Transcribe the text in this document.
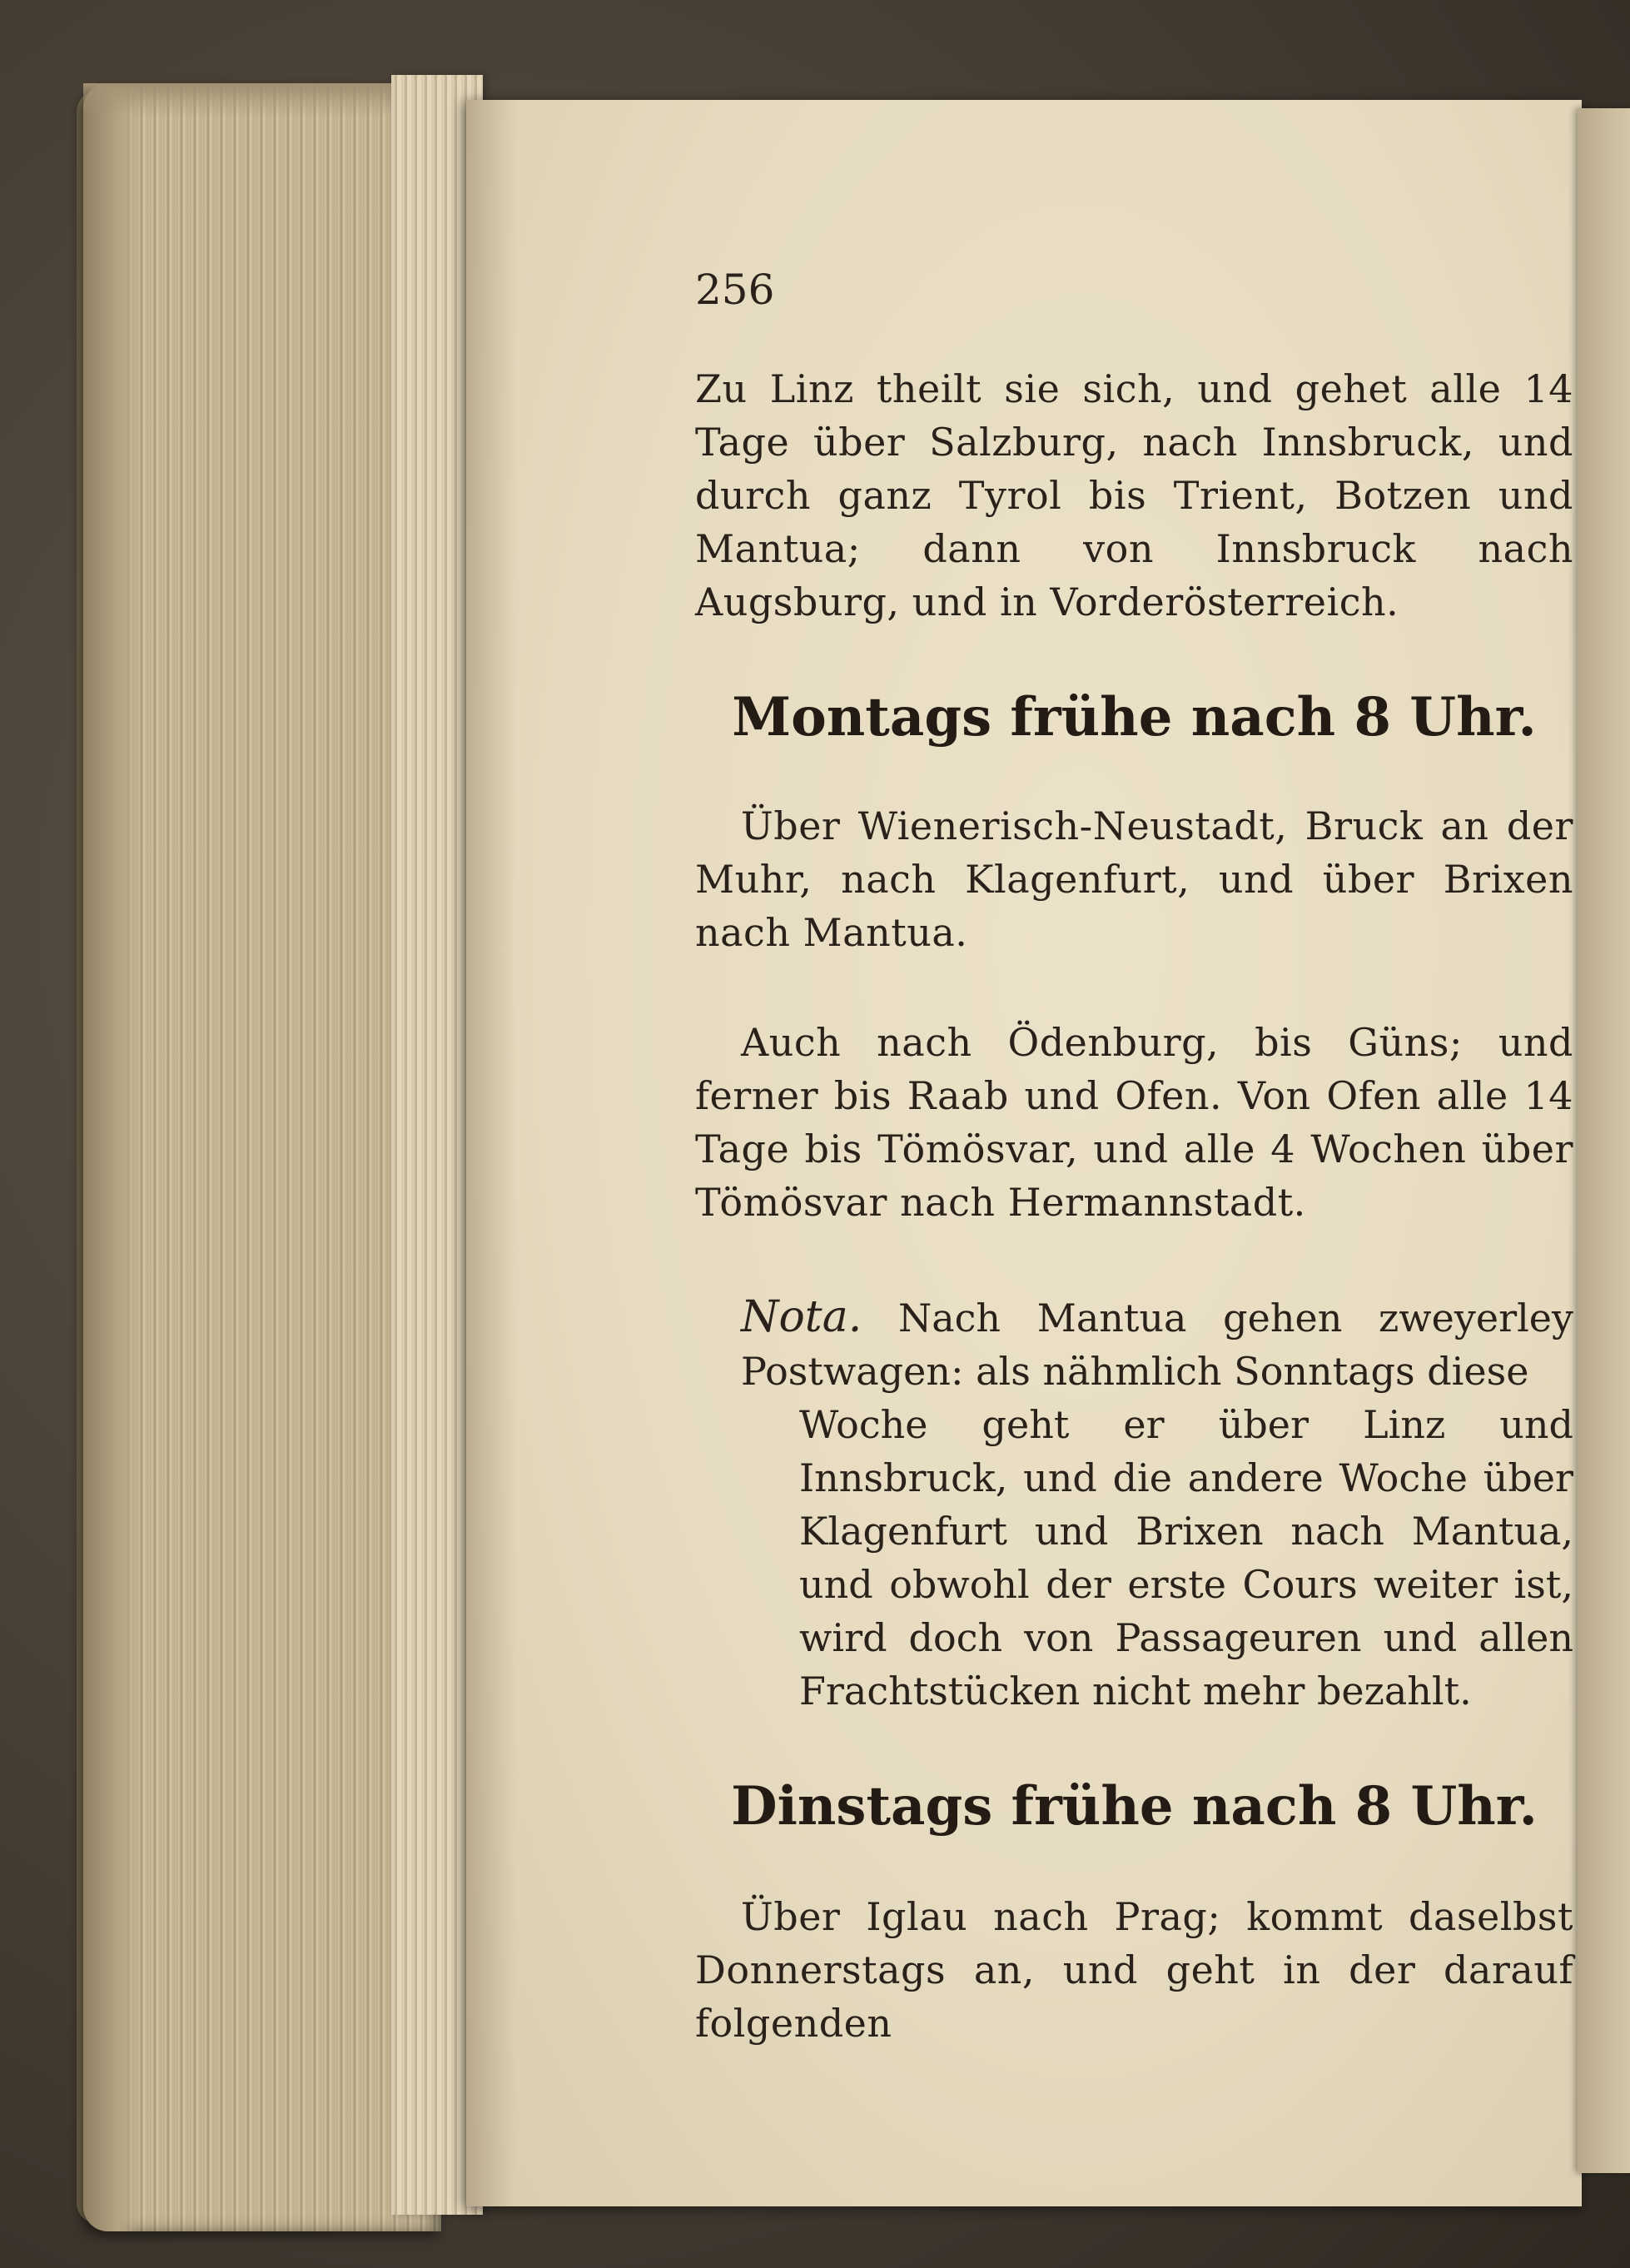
256

Zu Linz theilt sie sich, und gehet alle 14 Tage über Salzburg, nach Innsbruck, und durch ganz Tyrol bis Trient, Botzen und Mantua; dann von Innsbruck nach Augsburg, und in Vorderösterreich.

Montags frühe nach 8 Uhr.

Über Wienerisch-Neustadt, Bruck an der Muhr, nach Klagenfurt, und über Brixen nach Mantua.

Auch nach Ödenburg, bis Güns; und ferner bis Raab und Ofen. Von Ofen alle 14 Tage bis Tömösvar, und alle 4 Wochen über Tömösvar nach Hermannstadt.

Nota. Nach Mantua gehen zweyerley Postwagen: als nähmlich Sonntags diese

Woche geht er über Linz und Innsbruck, und die andere Woche über Klagenfurt und Brixen nach Mantua, und obwohl der erste Cours weiter ist, wird doch von Passageuren und allen Frachtstücken nicht mehr bezahlt.

Dinstags frühe nach 8 Uhr.

Über Iglau nach Prag; kommt daselbst Donnerstags an, und geht in der darauf folgenden
